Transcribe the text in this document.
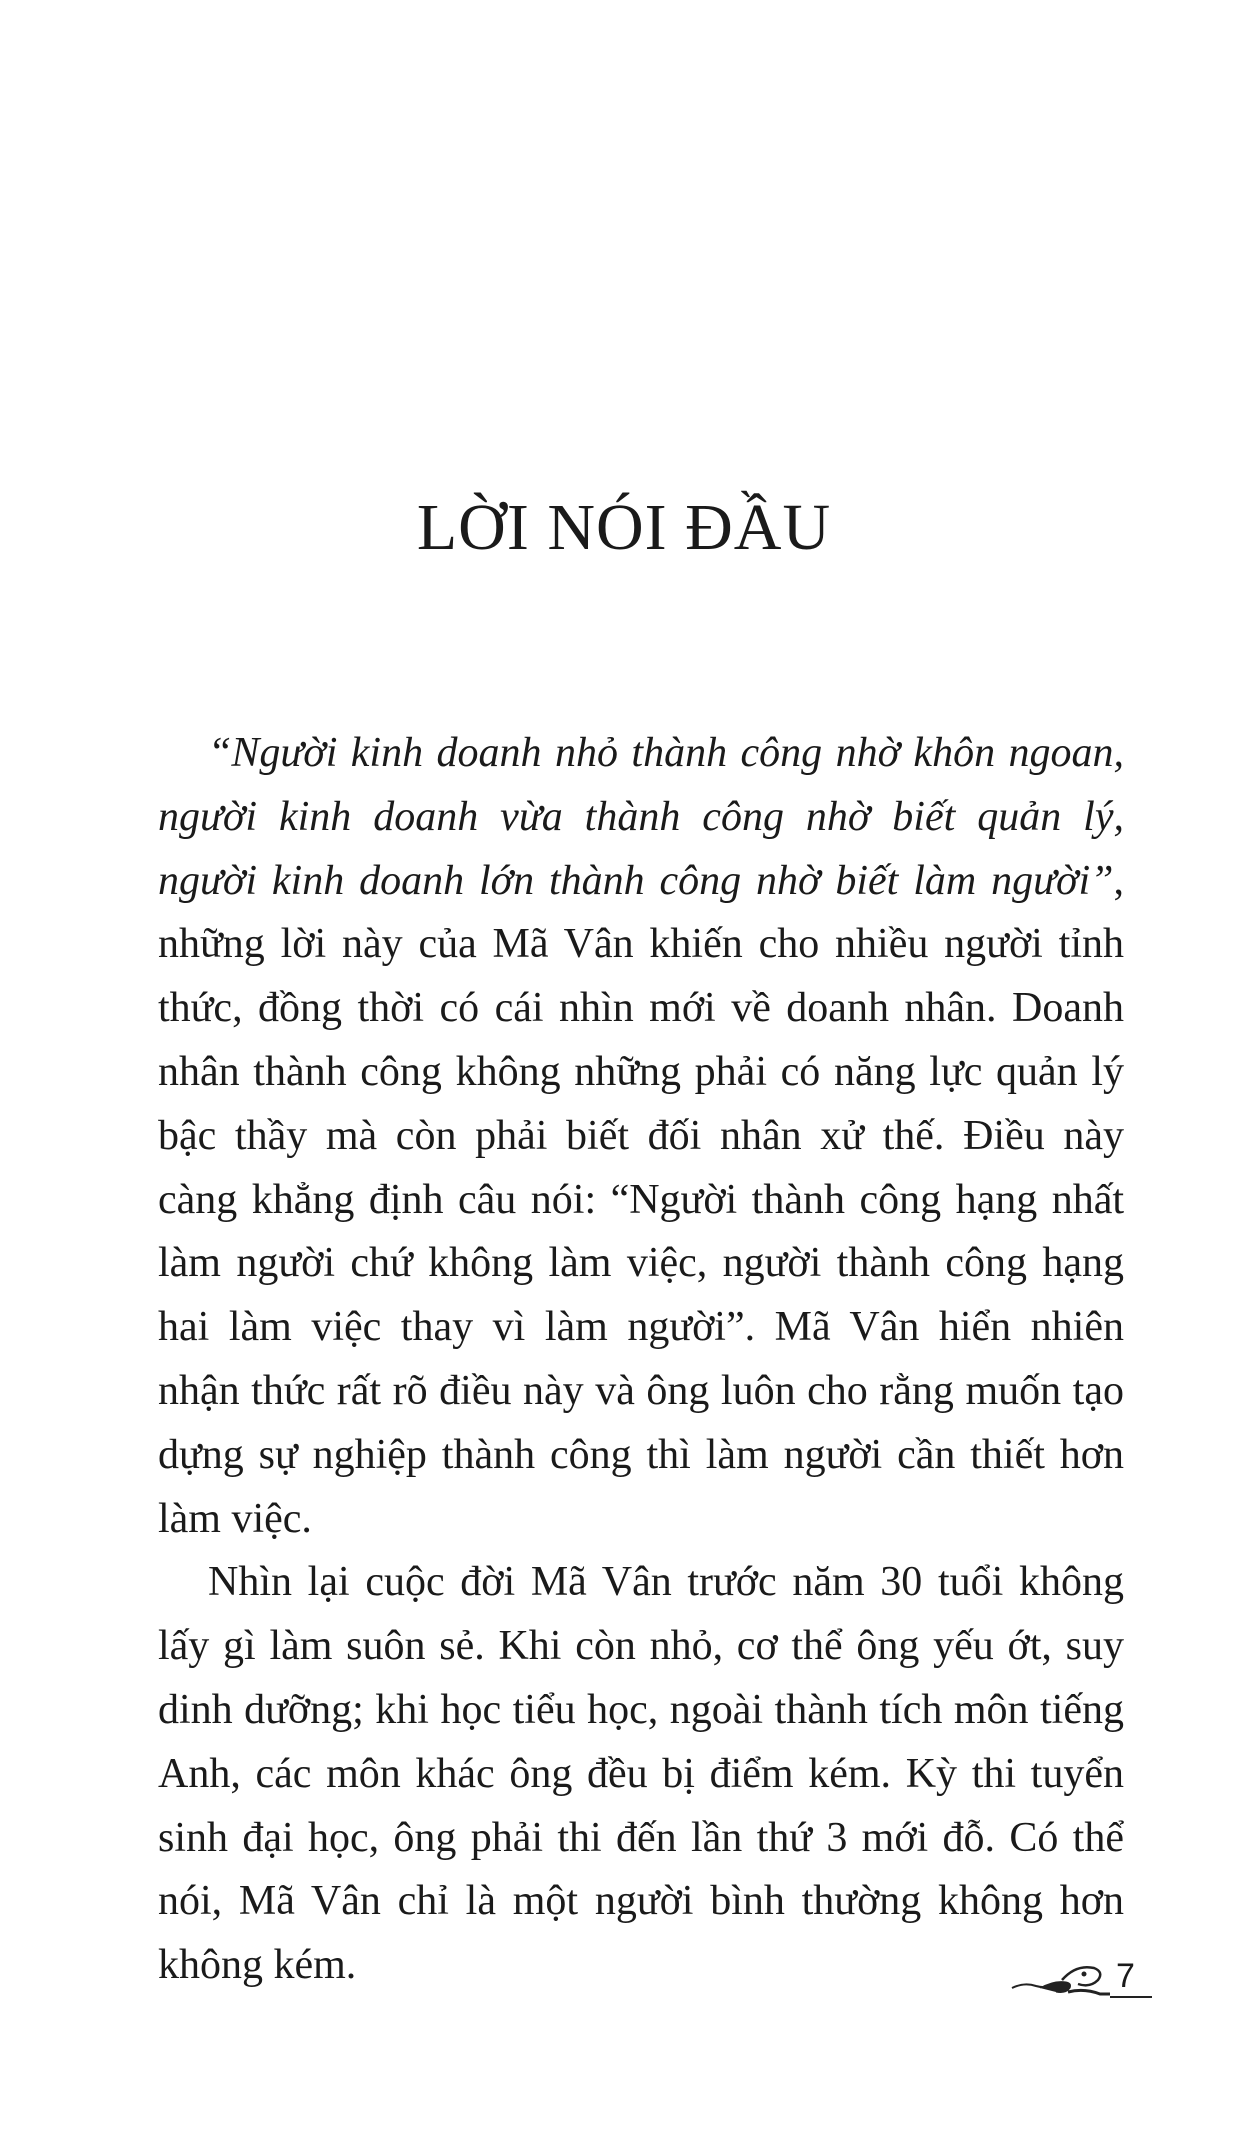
LỜI NÓI ĐẦU

“Người kinh doanh nhỏ thành công nhờ khôn ngoan, người kinh doanh vừa thành công nhờ biết quản lý, người kinh doanh lớn thành công nhờ biết làm người”, những lời này của Mã Vân khiến cho nhiều người tỉnh thức, đồng thời có cái nhìn mới về doanh nhân. Doanh nhân thành công không những phải có năng lực quản lý bậc thầy mà còn phải biết đối nhân xử thế. Điều này càng khẳng định câu nói: “Người thành công hạng nhất làm người chứ không làm việc, người thành công hạng hai làm việc thay vì làm người”. Mã Vân hiển nhiên nhận thức rất rõ điều này và ông luôn cho rằng muốn tạo dựng sự nghiệp thành công thì làm người cần thiết hơn làm việc.

Nhìn lại cuộc đời Mã Vân trước năm 30 tuổi không lấy gì làm suôn sẻ. Khi còn nhỏ, cơ thể ông yếu ớt, suy dinh dưỡng; khi học tiểu học, ngoài thành tích môn tiếng Anh, các môn khác ông đều bị điểm kém. Kỳ thi tuyển sinh đại học, ông phải thi đến lần thứ 3 mới đỗ. Có thể nói, Mã Vân chỉ là một người bình thường không hơn không kém.	7
